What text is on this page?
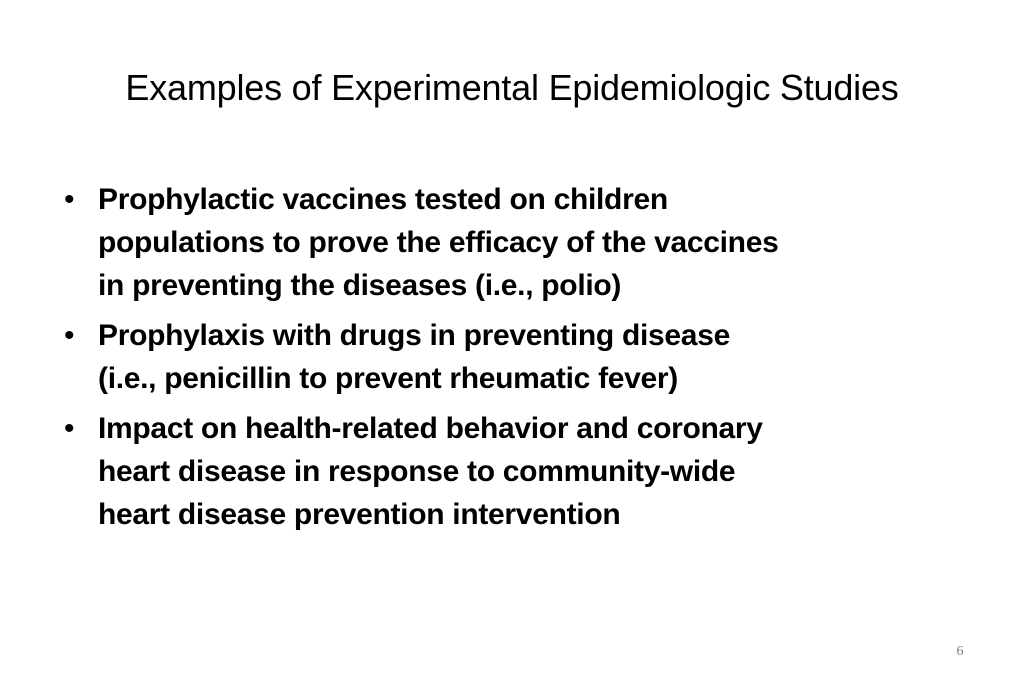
Examples of Experimental Epidemiologic Studies
• Prophylactic vaccines tested on children
populations to prove the efficacy of the vaccines
in preventing the diseases (i.e., polio)
• Prophylaxis with drugs in preventing disease
(i.e., penicillin to prevent rheumatic fever)
• Impact on health-related behavior and coronary
heart disease in response to community-wide
heart disease prevention intervention
6
